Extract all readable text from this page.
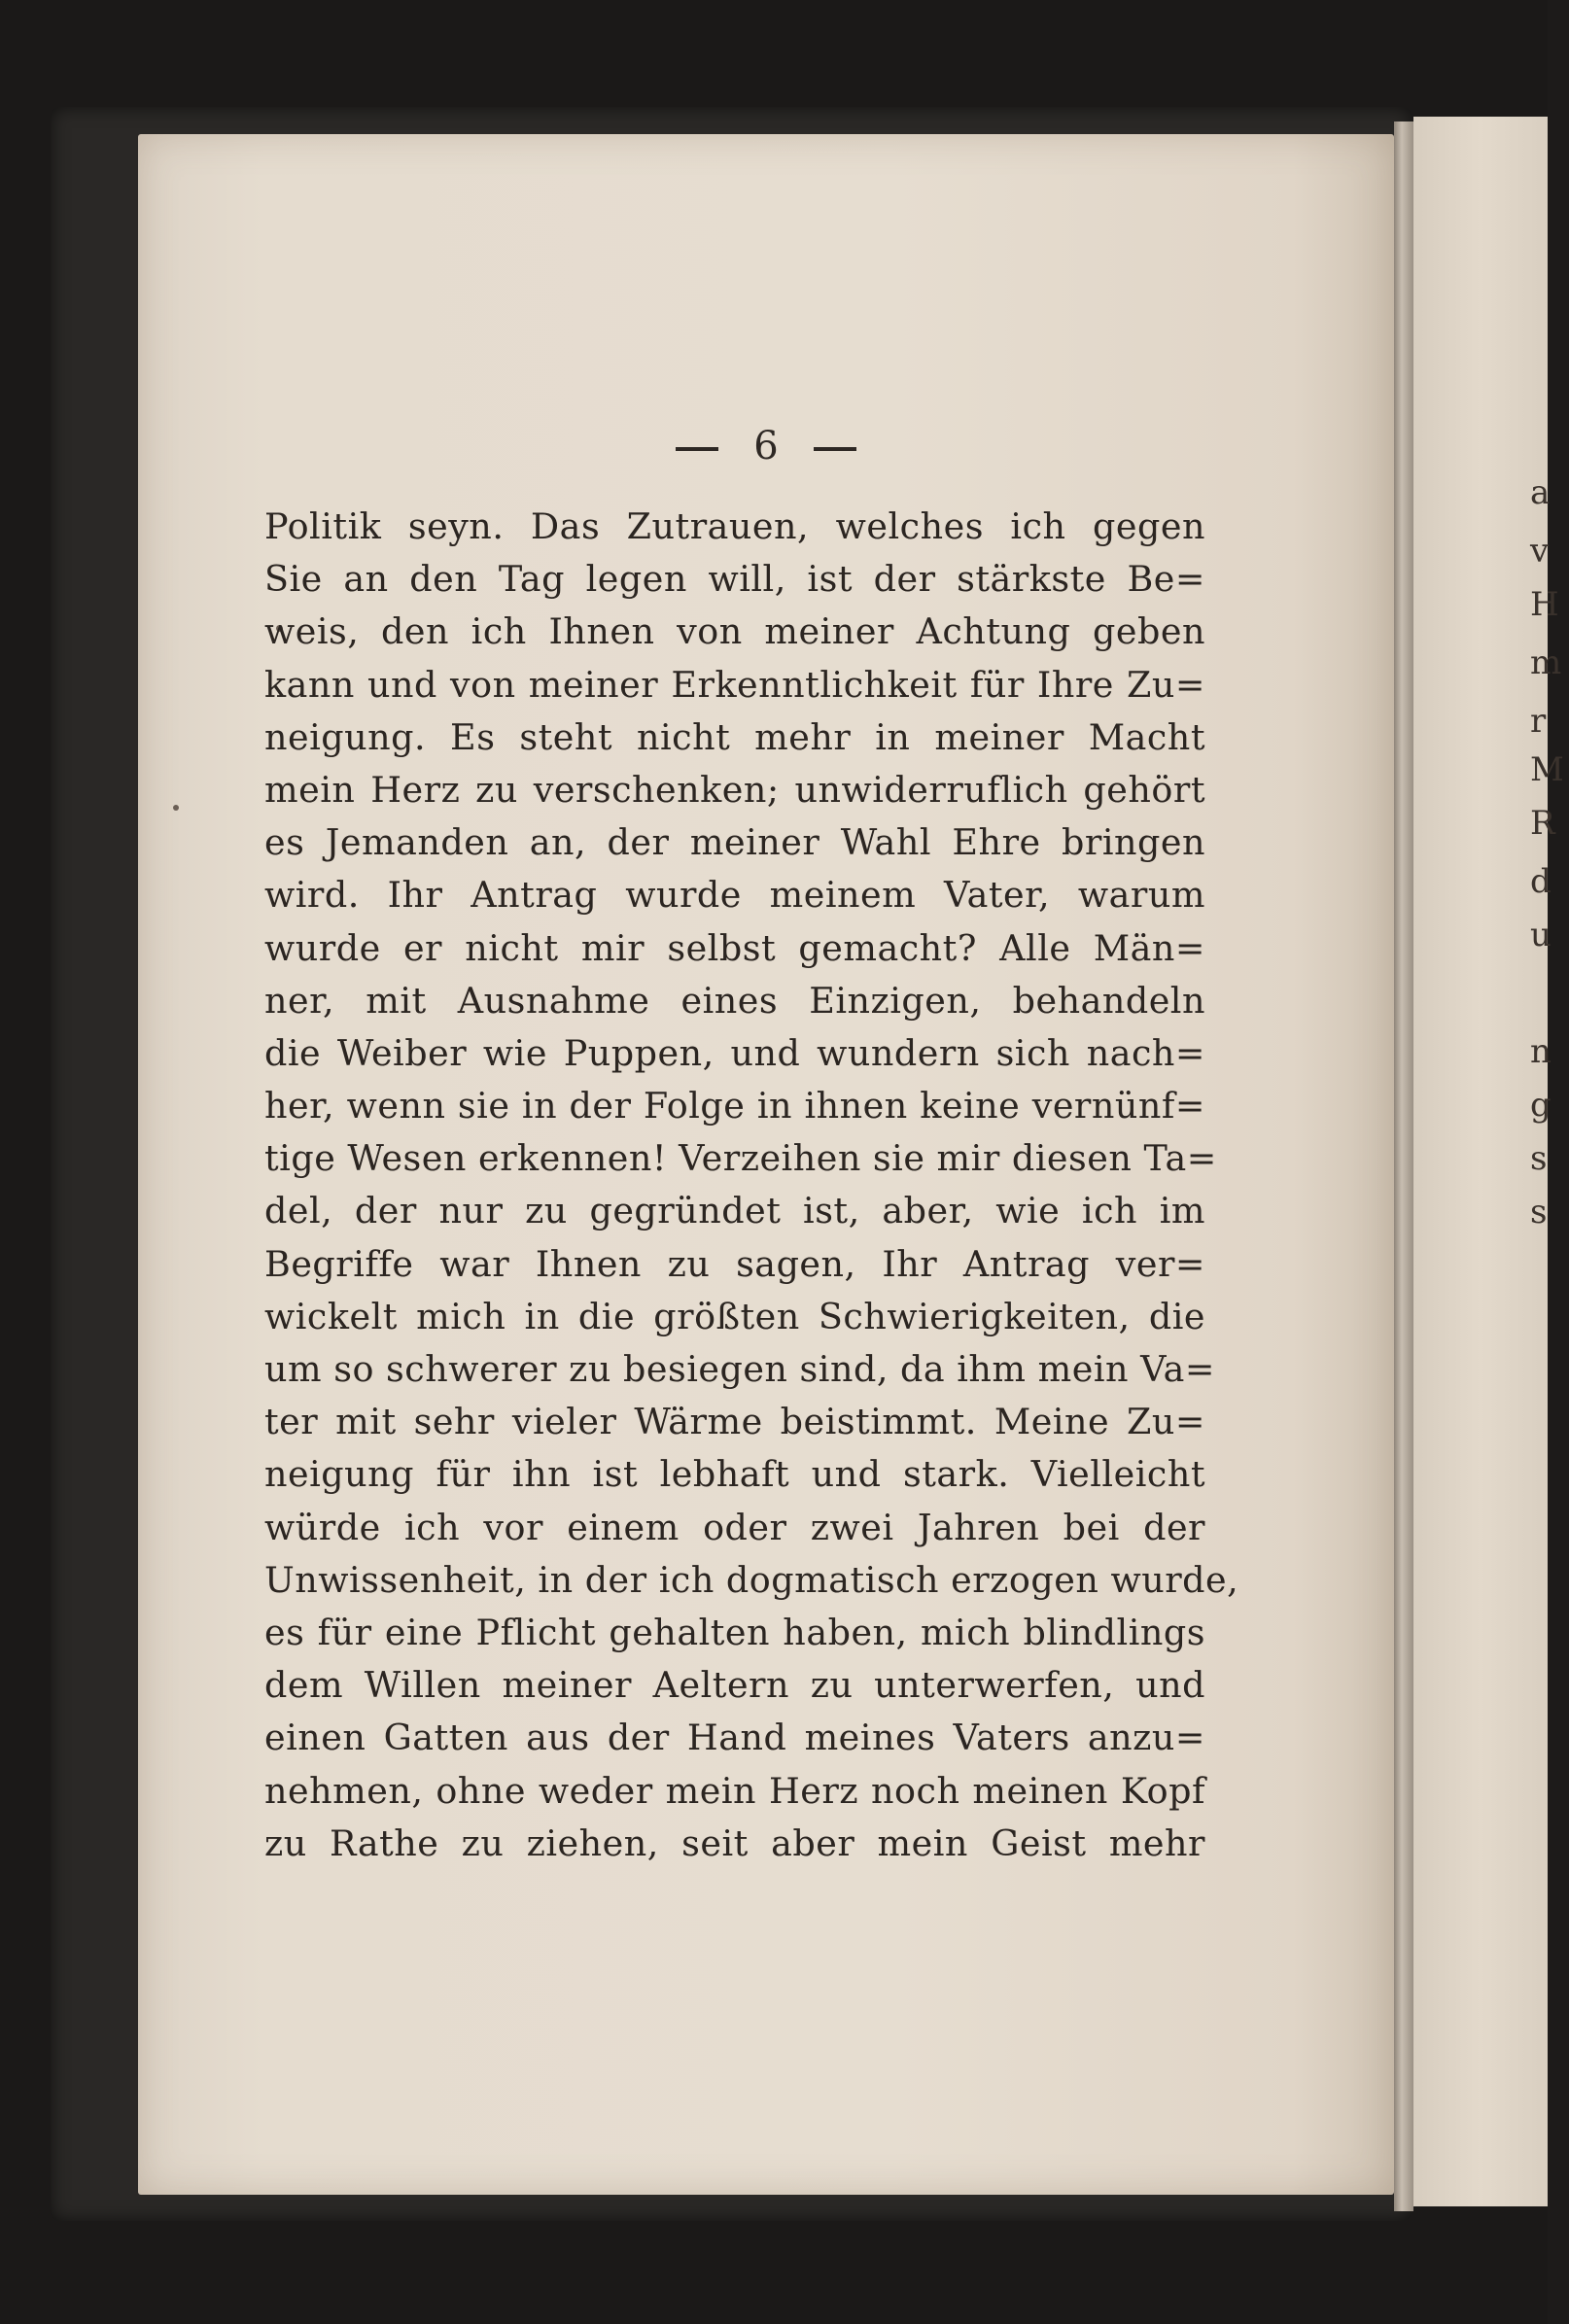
a
v
H
m
r
M
R
d
u
n
g
s
s
6
Politik seyn. Das Zutrauen, welches ich gegen
Sie an den Tag legen will, ist der stärkste Be=
weis, den ich Ihnen von meiner Achtung geben
kann und von meiner Erkenntlichkeit für Ihre Zu=
neigung. Es steht nicht mehr in meiner Macht
mein Herz zu verschenken; unwiderruflich gehört
es Jemanden an, der meiner Wahl Ehre bringen
wird. Ihr Antrag wurde meinem Vater, warum
wurde er nicht mir selbst gemacht? Alle Män=
ner, mit Ausnahme eines Einzigen, behandeln
die Weiber wie Puppen, und wundern sich nach=
her, wenn sie in der Folge in ihnen keine vernünf=
tige Wesen erkennen! Verzeihen sie mir diesen Ta=
del, der nur zu gegründet ist, aber, wie ich im
Begriffe war Ihnen zu sagen, Ihr Antrag ver=
wickelt mich in die größten Schwierigkeiten, die
um so schwerer zu besiegen sind, da ihm mein Va=
ter mit sehr vieler Wärme beistimmt. Meine Zu=
neigung für ihn ist lebhaft und stark. Vielleicht
würde ich vor einem oder zwei Jahren bei der
Unwissenheit, in der ich dogmatisch erzogen wurde,
es für eine Pflicht gehalten haben, mich blindlings
dem Willen meiner Aeltern zu unterwerfen, und
einen Gatten aus der Hand meines Vaters anzu=
nehmen, ohne weder mein Herz noch meinen Kopf
zu Rathe zu ziehen, seit aber mein Geist mehr
